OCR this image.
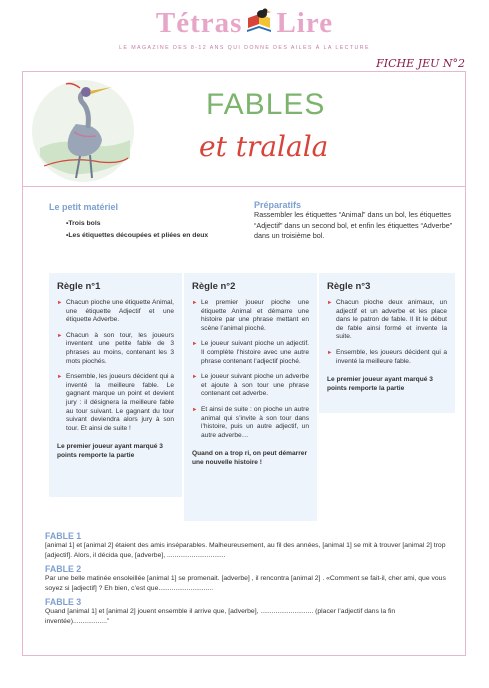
Tétras Lire
LE MAGAZINE DES 8-12 ANS QUI DONNE DES AILES À LA LECTURE
FICHE JEU N°2
FABLES
et tralala
Le petit matériel
•Trois bols
•Les étiquettes découpées et pliées en deux
Préparatifs
Rassembler les étiquettes “Animal” dans un bol, les étiquettes “Adjectif” dans un second bol, et enfin les étiquettes “Adverbe” dans un troisième bol.
Règle n°1
► Chacun pioche une étiquette Animal, une étiquette Adjectif et une étiquette Adverbe.
► Chacun à son tour, les joueurs inventent une petite fable de 3 phrases au moins, contenant les 3 mots piochés.
► Ensemble, les joueurs décident qui a inventé la meilleure fable. Le gagnant marque un point et devient jury : il désignera la meilleure fable au tour suivant. Le gagnant du tour suivant deviendra alors jury à son tour. Et ainsi de suite !
Le premier joueur ayant marqué 3 points remporte la partie
Règle n°2
► Le premier joueur pioche une étiquette Animal et démarre une histoire par une phrase mettant en scène l’animal pioché.
► Le joueur suivant pioche un adjectif. Il complète l’histoire avec une autre phrase contenant l’adjectif pioché.
► Le joueur suivant pioche un adverbe et ajoute à son tour une phrase contenant cet adverbe.
► Et ainsi de suite : on pioche un autre animal qui s’invite à son tour dans l’histoire, puis un autre adjectif, un autre adverbe…
Quand on a trop ri, on peut démarrer une nouvelle histoire !
Règle n°3
► Chacun pioche deux animaux, un adjectif et un adverbe et les place dans le patron de fable. Il lit le début de fable ainsi formé et invente la suite.
► Ensemble, les joueurs décident qui a inventé la meilleure fable.
Le premier joueur ayant marqué 3 points remporte la partie
FABLE 1
[animal 1] et [animal 2] étaient des amis inséparables. Malheureusement, au fil des années, [animal 1] se mit à trouver [animal 2] trop [adjectif]. Alors, il décida que, [adverbe], ...............................
FABLE 2
Par une belle matinée ensoleillée [animal 1] se promenait. [adverbe] , il rencontra [animal 2] . «Comment se fait-il, cher ami, que vous soyez si [adjectif] ? Eh bien, c’est que.............................
FABLE 3
Quand [animal 1] et [animal 2] jouent ensemble il arrive que, [adverbe], ............................ (placer l’adjectif dans la fin inventée)..................”
